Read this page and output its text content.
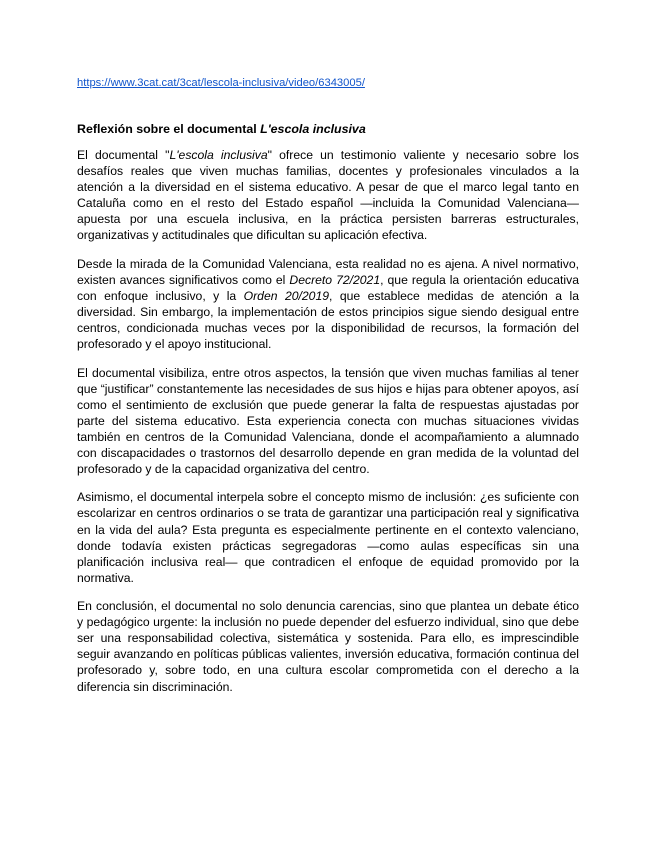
https://www.3cat.cat/3cat/lescola-inclusiva/video/6343005/
Reflexión sobre el documental L'escola inclusiva

El documental "L'escola inclusiva" ofrece un testimonio valiente y necesario sobre los desafíos reales que viven muchas familias, docentes y profesionales vinculados a la atención a la diversidad en el sistema educativo. A pesar de que el marco legal tanto en Cataluña como en el resto del Estado español —incluida la Comunidad Valenciana— apuesta por una escuela inclusiva, en la práctica persisten barreras estructurales, organizativas y actitudinales que dificultan su aplicación efectiva.

Desde la mirada de la Comunidad Valenciana, esta realidad no es ajena. A nivel normativo, existen avances significativos como el Decreto 72/2021, que regula la orientación educativa con enfoque inclusivo, y la Orden 20/2019, que establece medidas de atención a la diversidad. Sin embargo, la implementación de estos principios sigue siendo desigual entre centros, condicionada muchas veces por la disponibilidad de recursos, la formación del profesorado y el apoyo institucional.

El documental visibiliza, entre otros aspectos, la tensión que viven muchas familias al tener que “justificar” constantemente las necesidades de sus hijos e hijas para obtener apoyos, así como el sentimiento de exclusión que puede generar la falta de respuestas ajustadas por parte del sistema educativo. Esta experiencia conecta con muchas situaciones vividas también en centros de la Comunidad Valenciana, donde el acompañamiento a alumnado con discapacidades o trastornos del desarrollo depende en gran medida de la voluntad del profesorado y de la capacidad organizativa del centro.

Asimismo, el documental interpela sobre el concepto mismo de inclusión: ¿es suficiente con escolarizar en centros ordinarios o se trata de garantizar una participación real y significativa en la vida del aula? Esta pregunta es especialmente pertinente en el contexto valenciano, donde todavía existen prácticas segregadoras —como aulas específicas sin una planificación inclusiva real— que contradicen el enfoque de equidad promovido por la normativa.

En conclusión, el documental no solo denuncia carencias, sino que plantea un debate ético y pedagógico urgente: la inclusión no puede depender del esfuerzo individual, sino que debe ser una responsabilidad colectiva, sistemática y sostenida. Para ello, es imprescindible seguir avanzando en políticas públicas valientes, inversión educativa, formación continua del profesorado y, sobre todo, en una cultura escolar comprometida con el derecho a la diferencia sin discriminación.
